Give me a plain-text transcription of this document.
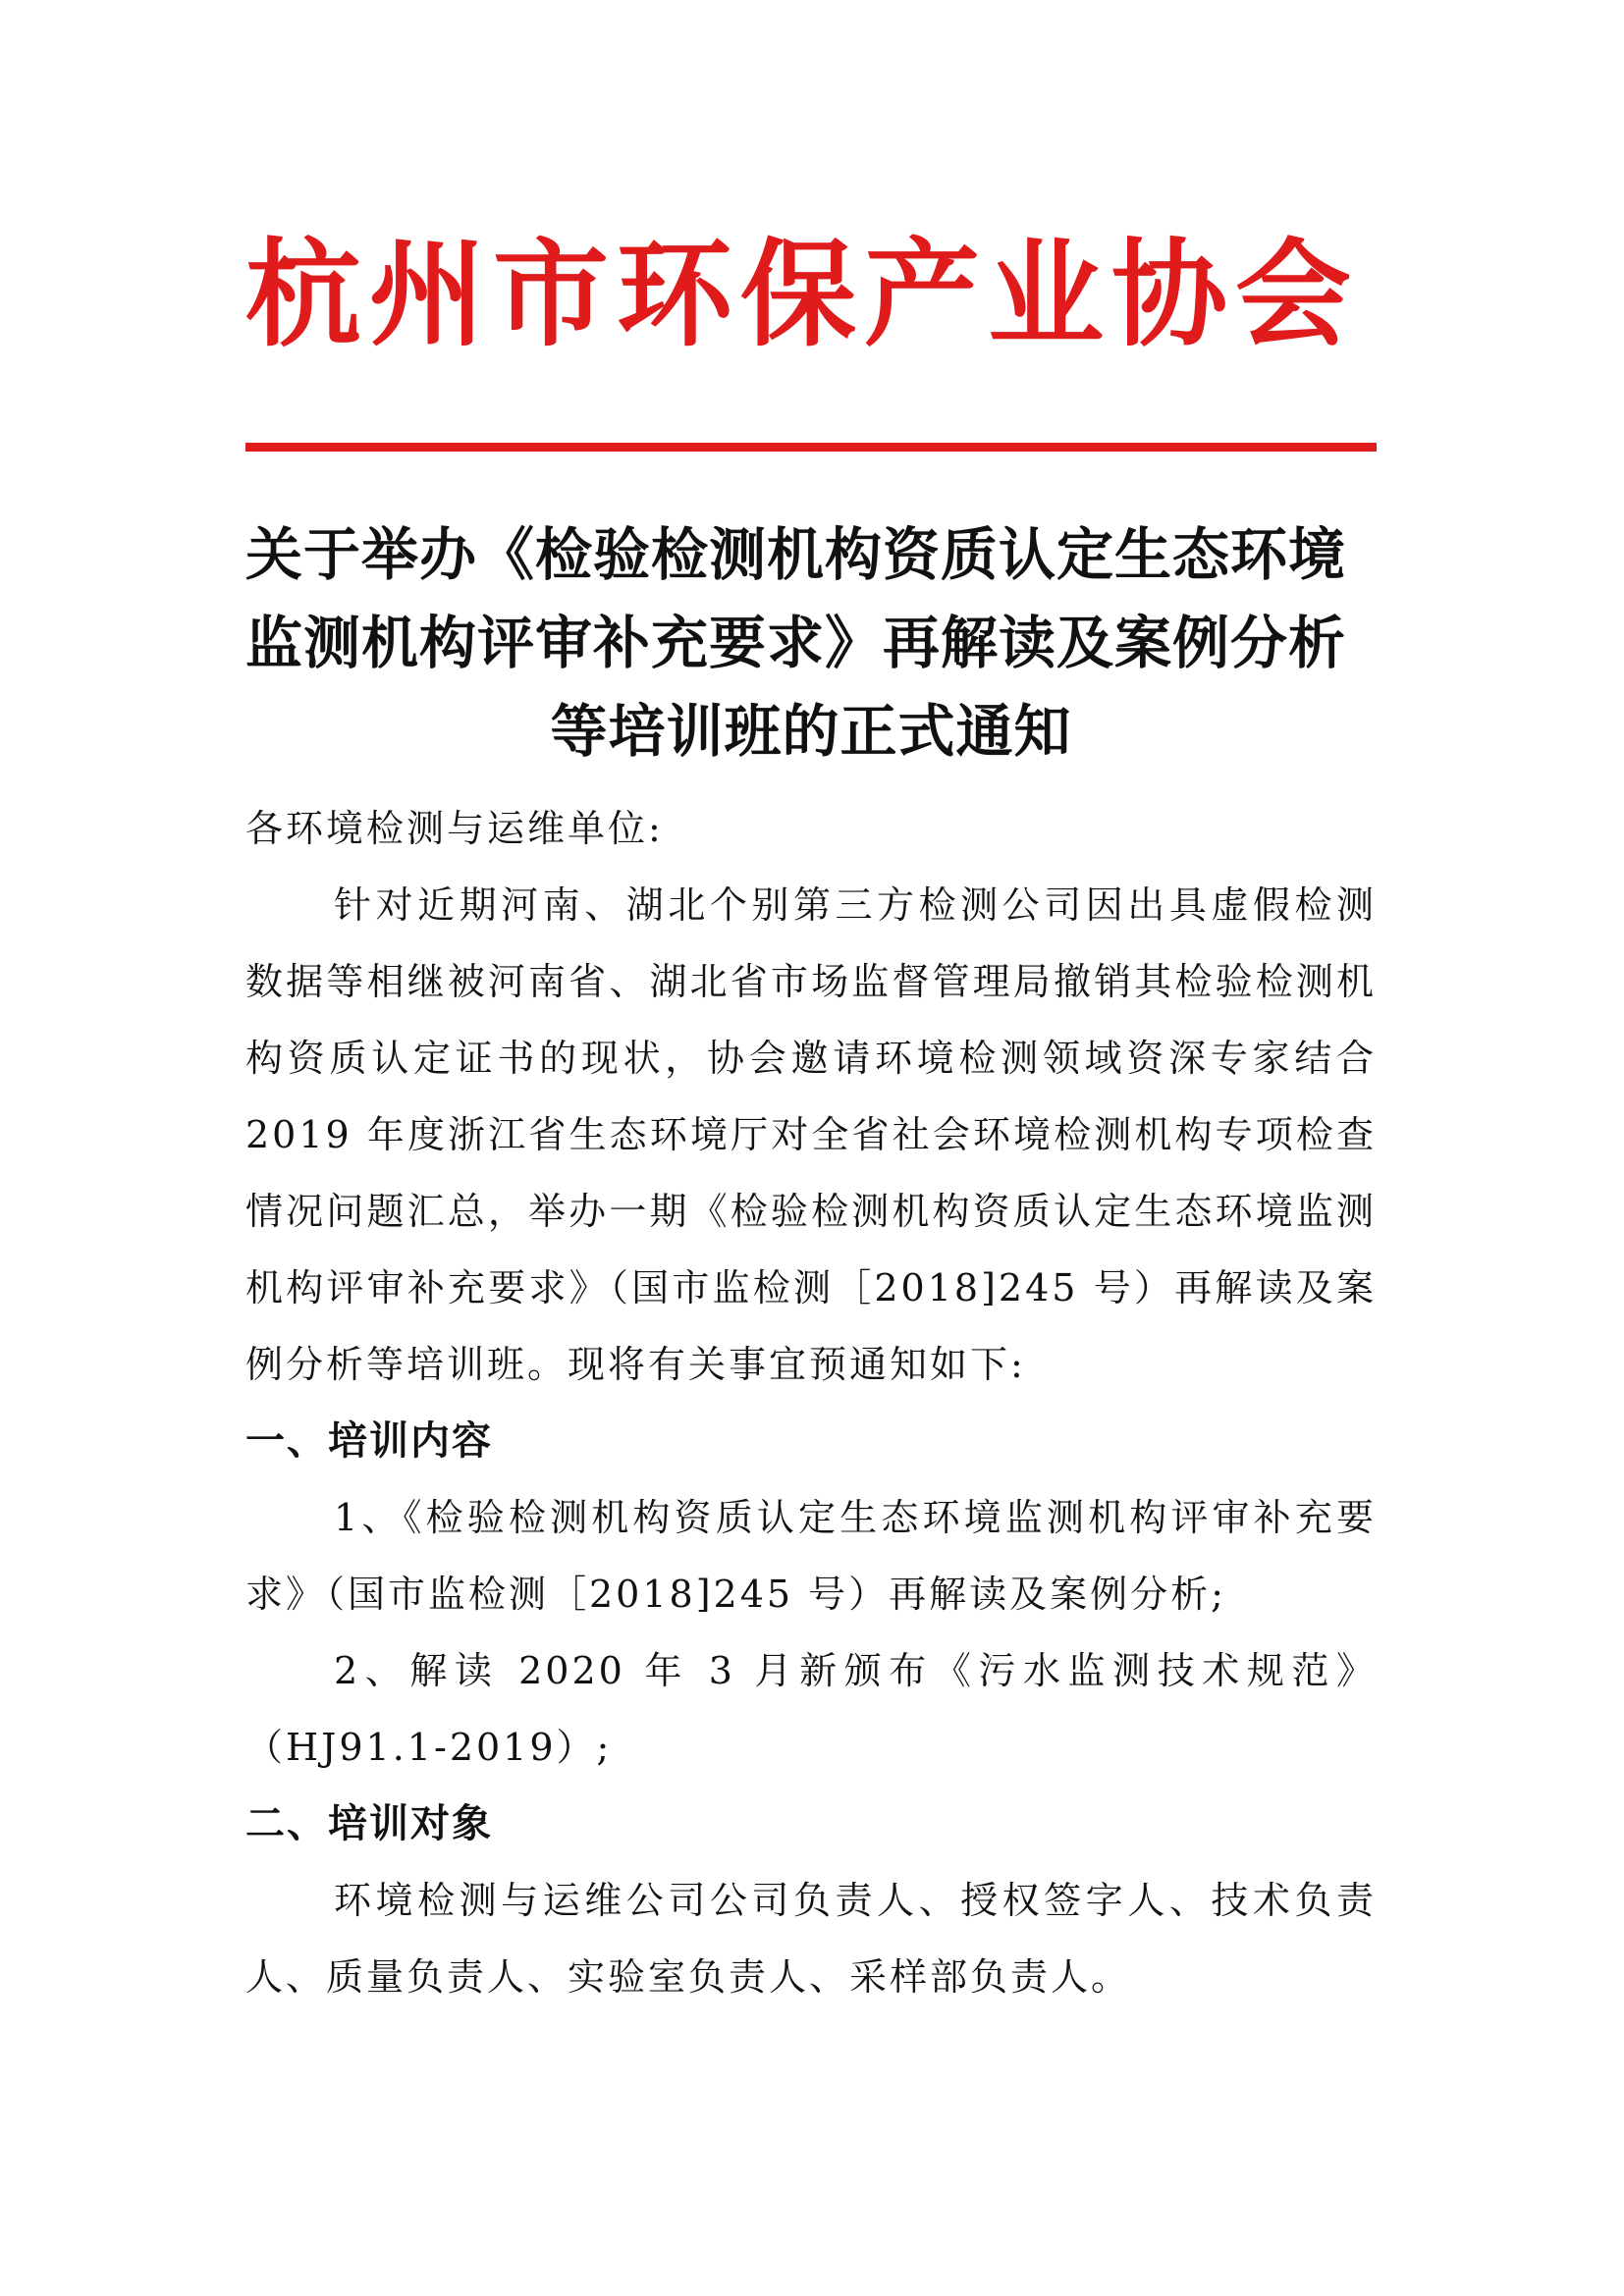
杭州市环保产业协会
关于举办《检验检测机构资质认定生态环境
监测机构评审补充要求》再解读及案例分析
等培训班的正式通知

各环境检测与运维单位:

针对近期河南、湖北个别第三方检测公司因出具虚假检测数据等相继被河南省、湖北省市场监督管理局撤销其检验检测机构资质认定证书的现状，协会邀请环境检测领域资深专家结合 2019 年度浙江省生态环境厅对全省社会环境检测机构专项检查情况问题汇总，举办一期《检验检测机构资质认定生态环境监测机构评审补充要求》（国市监检测［2018]245 号）再解读及案例分析等培训班。现将有关事宜预通知如下:

一、培训内容

1、《检验检测机构资质认定生态环境监测机构评审补充要求》（国市监检测［2018]245 号）再解读及案例分析;

2、解读 2020 年 3 月新颁布《污水监测技术规范》（HJ91.1-2019）;

二、培训对象

环境检测与运维公司公司负责人、授权签字人、技术负责人、质量负责人、实验室负责人、采样部负责人。
